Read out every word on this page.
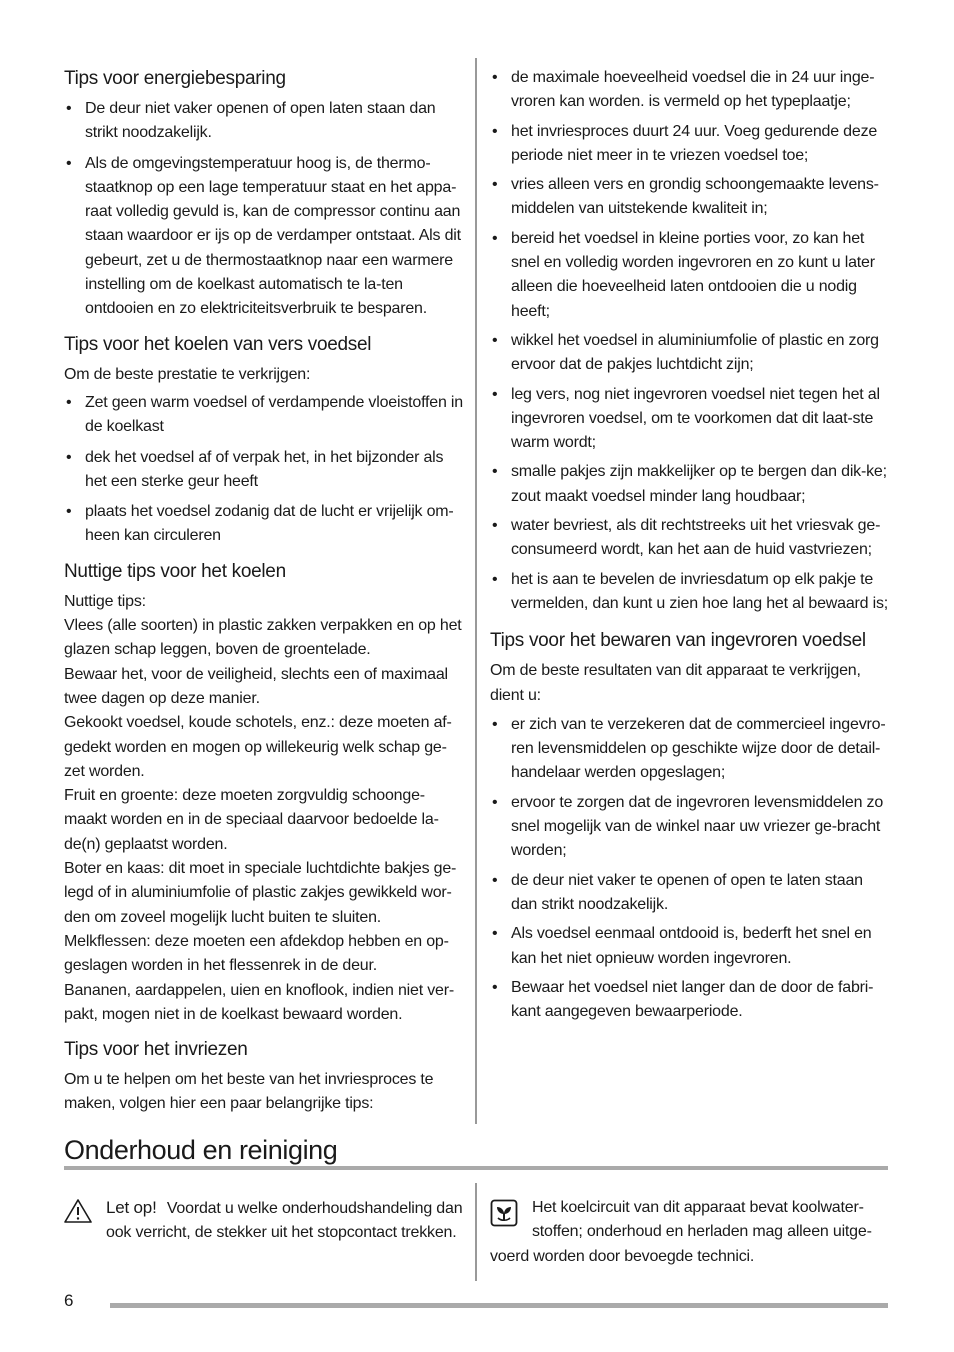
Tips voor energiebesparing
• De deur niet vaker openen of open laten staan dan strikt noodzakelijk.
• Als de omgevingstemperatuur hoog is, de thermo-staatknop op een lage temperatuur staat en het appa-raat volledig gevuld is, kan de compressor continu aan staan waardoor er ijs op de verdamper ontstaat. Als dit gebeurt, zet u de thermostaatknop naar een warmere instelling om de koelkast automatisch te la-ten ontdooien en zo elektriciteitsverbruik te besparen.
Tips voor het koelen van vers voedsel

Om de beste prestatie te verkrijgen:

• Zet geen warm voedsel of verdampende vloeistoffen in de koelkast
• dek het voedsel af of verpak het, in het bijzonder als het een sterke geur heeft
• plaats het voedsel zodanig dat de lucht er vrijelijk om-heen kan circuleren
Nuttige tips voor het koelen

Nuttige tips:

Vlees (alle soorten) in plastic zakken verpakken en op het glazen schap leggen, boven de groentelade.

Bewaar het, voor de veiligheid, slechts een of maximaal twee dagen op deze manier.

Gekookt voedsel, koude schotels, enz.: deze moeten af-gedekt worden en mogen op willekeurig welk schap ge-zet worden.

Fruit en groente: deze moeten zorgvuldig schoonge-maakt worden en in de speciaal daarvoor bedoelde la-de(n) geplaatst worden.

Boter en kaas: dit moet in speciale luchtdichte bakjes ge-legd of in aluminiumfolie of plastic zakjes gewikkeld wor-den om zoveel mogelijk lucht buiten te sluiten.

Melkflessen: deze moeten een afdekdop hebben en op-geslagen worden in het flessenrek in de deur.

Bananen, aardappelen, uien en knoflook, indien niet ver-pakt, mogen niet in de koelkast bewaard worden.

Tips voor het invriezen

Om u te helpen om het beste van het invriesproces te maken, volgen hier een paar belangrijke tips:

• de maximale hoeveelheid voedsel die in 24 uur inge-vroren kan worden. is vermeld op het typeplaatje;
• het invriesproces duurt 24 uur. Voeg gedurende deze periode niet meer in te vriezen voedsel toe;
• vries alleen vers en grondig schoongemaakte levens-middelen van uitstekende kwaliteit in;
• bereid het voedsel in kleine porties voor, zo kan het snel en volledig worden ingevroren en zo kunt u later alleen die hoeveelheid laten ontdooien die u nodig heeft;
• wikkel het voedsel in aluminiumfolie of plastic en zorg ervoor dat de pakjes luchtdicht zijn;
• leg vers, nog niet ingevroren voedsel niet tegen het al ingevroren voedsel, om te voorkomen dat dit laat-ste warm wordt;
• smalle pakjes zijn makkelijker op te bergen dan dik-ke; zout maakt voedsel minder lang houdbaar;
• water bevriest, als dit rechtstreeks uit het vriesvak ge-consumeerd wordt, kan het aan de huid vastvriezen;
• het is aan te bevelen de invriesdatum op elk pakje te vermelden, dan kunt u zien hoe lang het al bewaard is;
Tips voor het bewaren van ingevroren voedsel

Om de beste resultaten van dit apparaat te verkrijgen, dient u:

• er zich van te verzekeren dat de commercieel ingevro-ren levensmiddelen op geschikte wijze door de detail-handelaar werden opgeslagen;
• ervoor te zorgen dat de ingevroren levensmiddelen zo snel mogelijk van de winkel naar uw vriezer ge-bracht worden;
• de deur niet vaker te openen of open te laten staan dan strikt noodzakelijk.
• Als voedsel eenmaal ontdooid is, bederft het snel en kan het niet opnieuw worden ingevroren.
• Bewaar het voedsel niet langer dan de door de fabri-kant aangegeven bewaarperiode.
Onderhoud en reiniging
Let op! Voordat u welke onderhoudshandeling dan ook verricht, de stekker uit het stopcontact trekken.
Het koelcircuit van dit apparaat bevat koolwater-stoffen; onderhoud en herladen mag alleen uitge-voerd worden door bevoegde technici.
6
